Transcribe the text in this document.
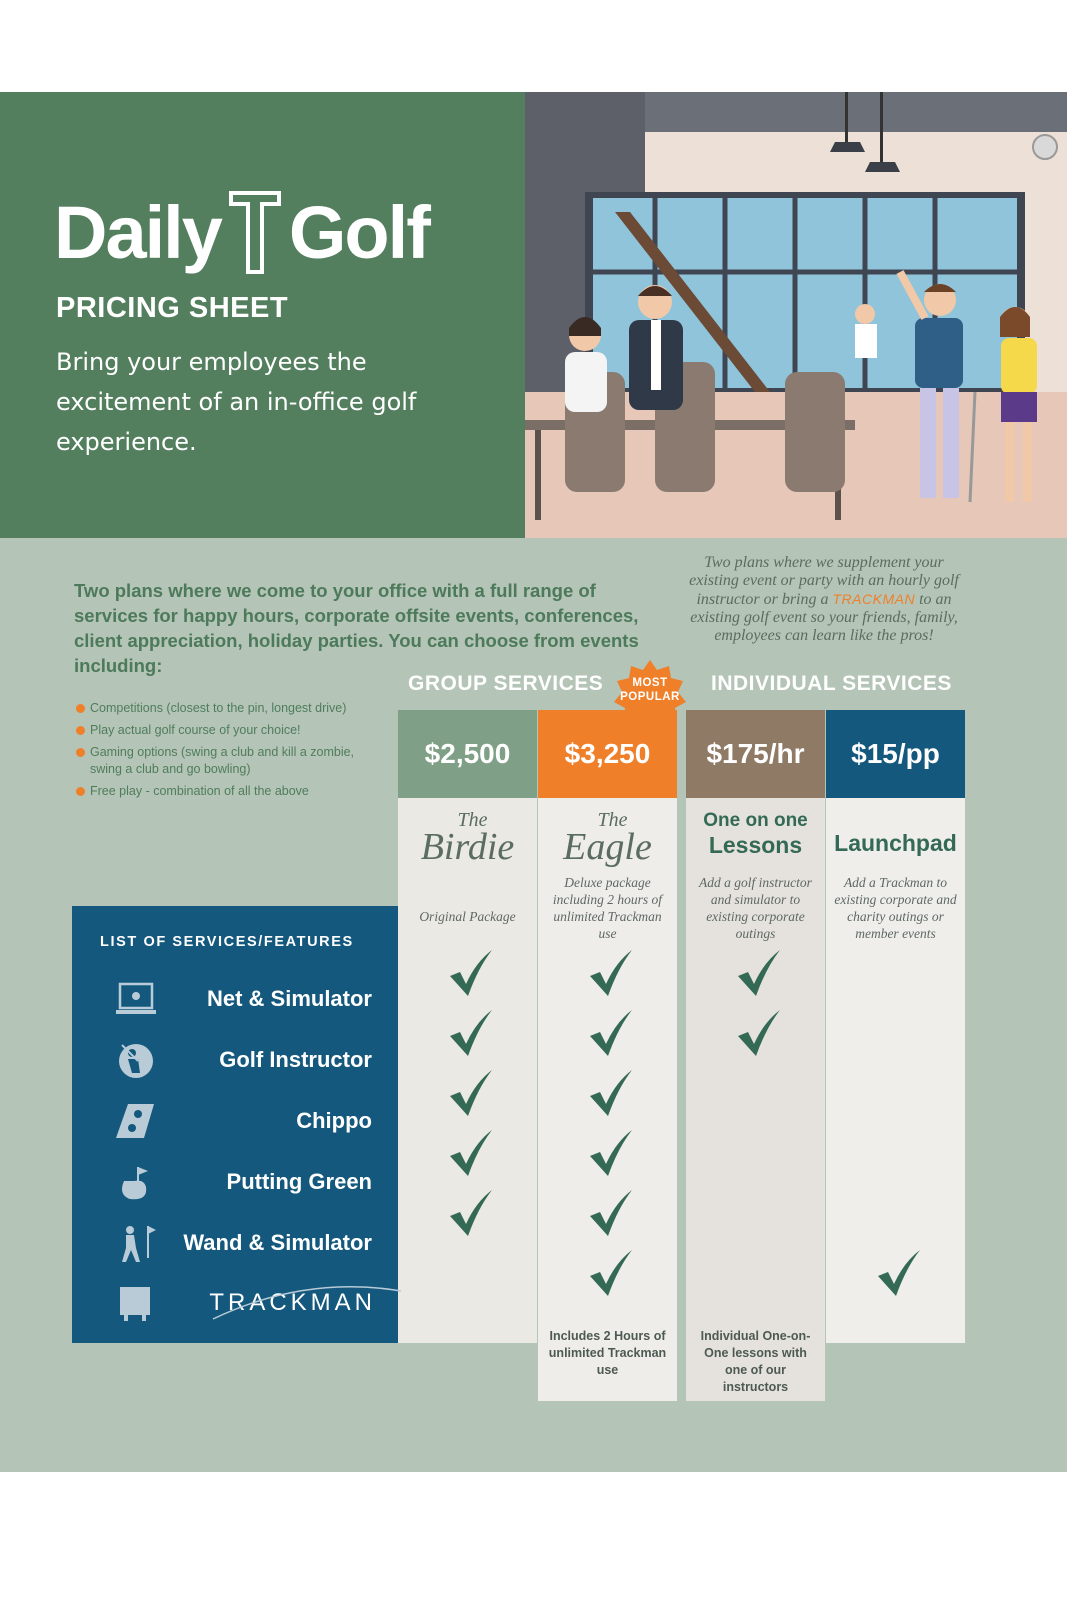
Daily Golf
PRICING SHEET
Bring your employees the excitement of an in-office golf experience.
Two plans where we come to your office with a full range of services for happy hours, corporate offsite events, conferences, client appreciation, holiday parties. You can choose from events including:
Competitions (closest to the pin, longest drive)
Play actual golf course of your choice!
Gaming options (swing a club and kill a zombie, swing a club and go bowling)
Free play - combination of all the above
Two plans where we supplement your existing event or party with an hourly golf instructor or bring a TRACKMAN to an existing golf event so your friends, family, employees can learn like the pros!
GROUP SERVICES	INDIVIDUAL SERVICES
$2,500
The
Birdie
Original Package
$3,250
The
Eagle
Deluxe package including 2 hours of unlimited Trackman use
Includes 2 Hours of unlimited Trackman use
$175/hr
One on one
Lessons
Add a golf instructor and simulator to existing corporate outings
Individual One-on-One lessons with one of our instructors
$15/pp
Launchpad
Add a Trackman to existing corporate and charity outings or member events
MOST
POPULAR
LIST OF SERVICES/FEATURES
Net & Simulator
Golf Instructor
Chippo
Putting Green
Wand & Simulator
TRACKMAN
